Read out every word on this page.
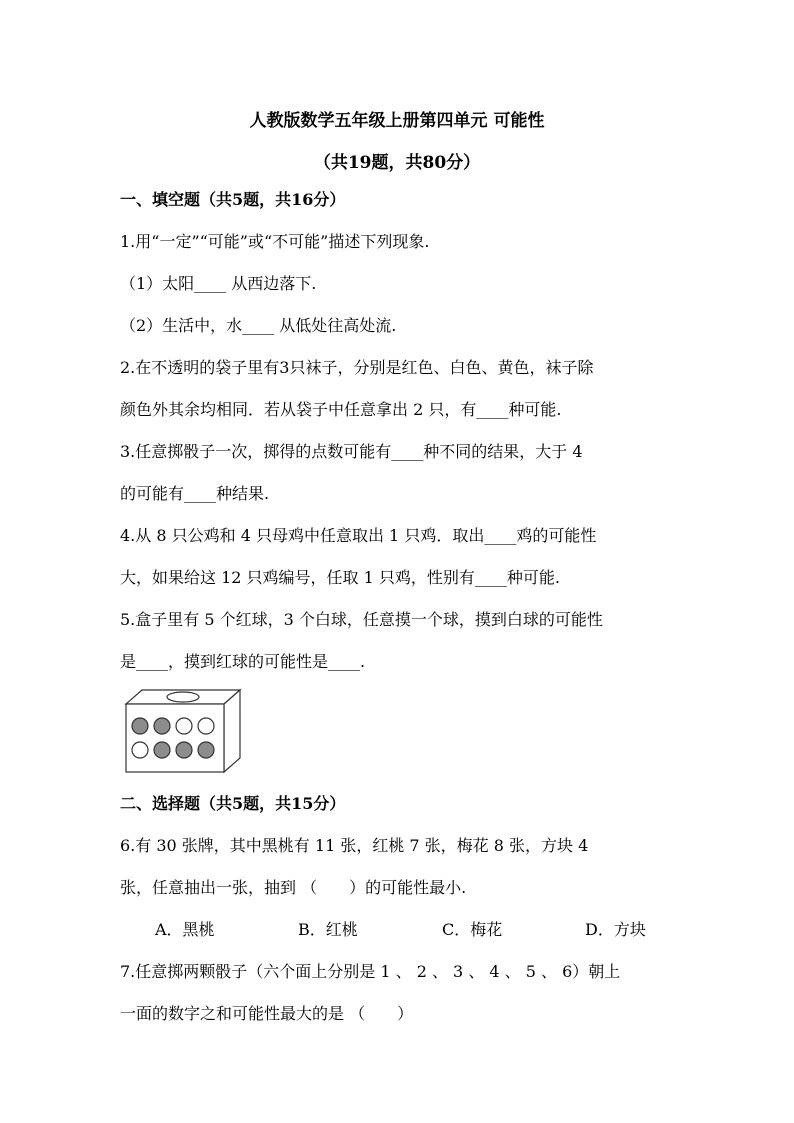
人教版数学五年级上册第四单元 可能性
（共19题，共80分）
一、填空题（共5题，共16分）
1.用“一定”“可能”或“不可能”描述下列现象.
（1）太阳____ 从西边落下.
（2）生活中，水____ 从低处往高处流.
2.在不透明的袋子里有3只袜子，分别是红色、白色、黄色，袜子除
颜色外其余均相同．若从袋子中任意拿出 2 只，有____种可能.
3.任意掷骰子一次，掷得的点数可能有____种不同的结果，大于 4
的可能有____种结果.
4.从 8 只公鸡和 4 只母鸡中任意取出 1 只鸡．取出____鸡的可能性
大，如果给这 12 只鸡编号，任取 1 只鸡，性别有____种可能.
5.盒子里有 5 个红球，3 个白球，任意摸一个球，摸到白球的可能性
是____，摸到红球的可能性是____.
二、选择题（共5题，共15分）
6.有 30 张牌，其中黑桃有 11 张，红桃 7 张，梅花 8 张，方块 4
张，任意抽出一张，抽到 （　　）的可能性最小.
A．黑桃	B．红桃	C．梅花	D．方块
7.任意掷两颗骰子（六个面上分别是 1 、 2 、 3 、 4 、 5 、 6）朝上
一面的数字之和可能性最大的是 （　　）
